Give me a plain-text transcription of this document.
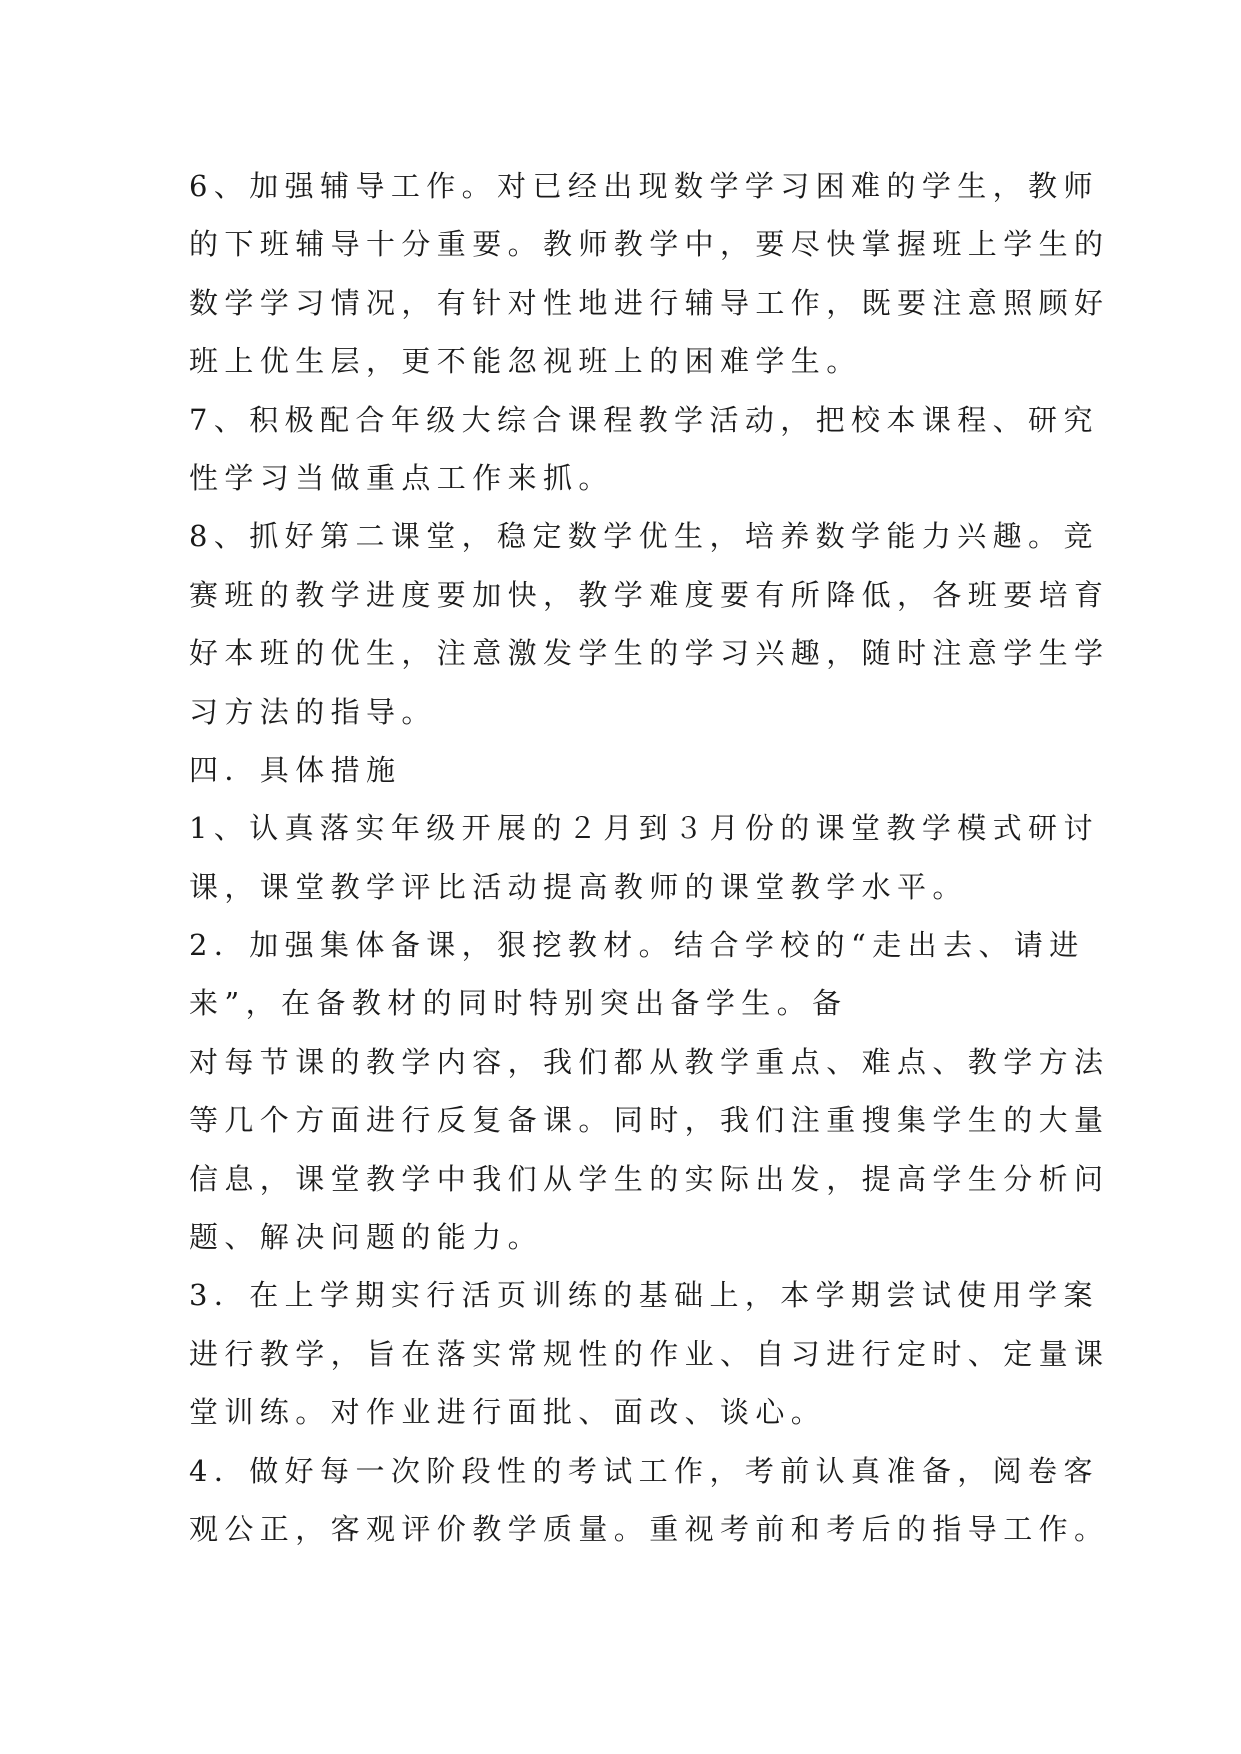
6、加强辅导工作。对已经出现数学学习困难的学生，教师
的下班辅导十分重要。教师教学中，要尽快掌握班上学生的
数学学习情况，有针对性地进行辅导工作，既要注意照顾好
班上优生层，更不能忽视班上的困难学生。
7、积极配合年级大综合课程教学活动，把校本课程、研究
性学习当做重点工作来抓。
8、抓好第二课堂，稳定数学优生，培养数学能力兴趣。竞
赛班的教学进度要加快，教学难度要有所降低，各班要培育
好本班的优生，注意激发学生的学习兴趣，随时注意学生学
习方法的指导。
四．具体措施
1、认真落实年级开展的２月到３月份的课堂教学模式研讨
课，课堂教学评比活动提高教师的课堂教学水平。
2．加强集体备课，狠挖教材。结合学校的“走出去、请进
来”，在备教材的同时特别突出备学生。备
对每节课的教学内容，我们都从教学重点、难点、教学方法
等几个方面进行反复备课。同时，我们注重搜集学生的大量
信息，课堂教学中我们从学生的实际出发，提高学生分析问
题、解决问题的能力。
3．在上学期实行活页训练的基础上，本学期尝试使用学案
进行教学，旨在落实常规性的作业、自习进行定时、定量课
堂训练。对作业进行面批、面改、谈心。
4．做好每一次阶段性的考试工作，考前认真准备，阅卷客
观公正，客观评价教学质量。重视考前和考后的指导工作。
